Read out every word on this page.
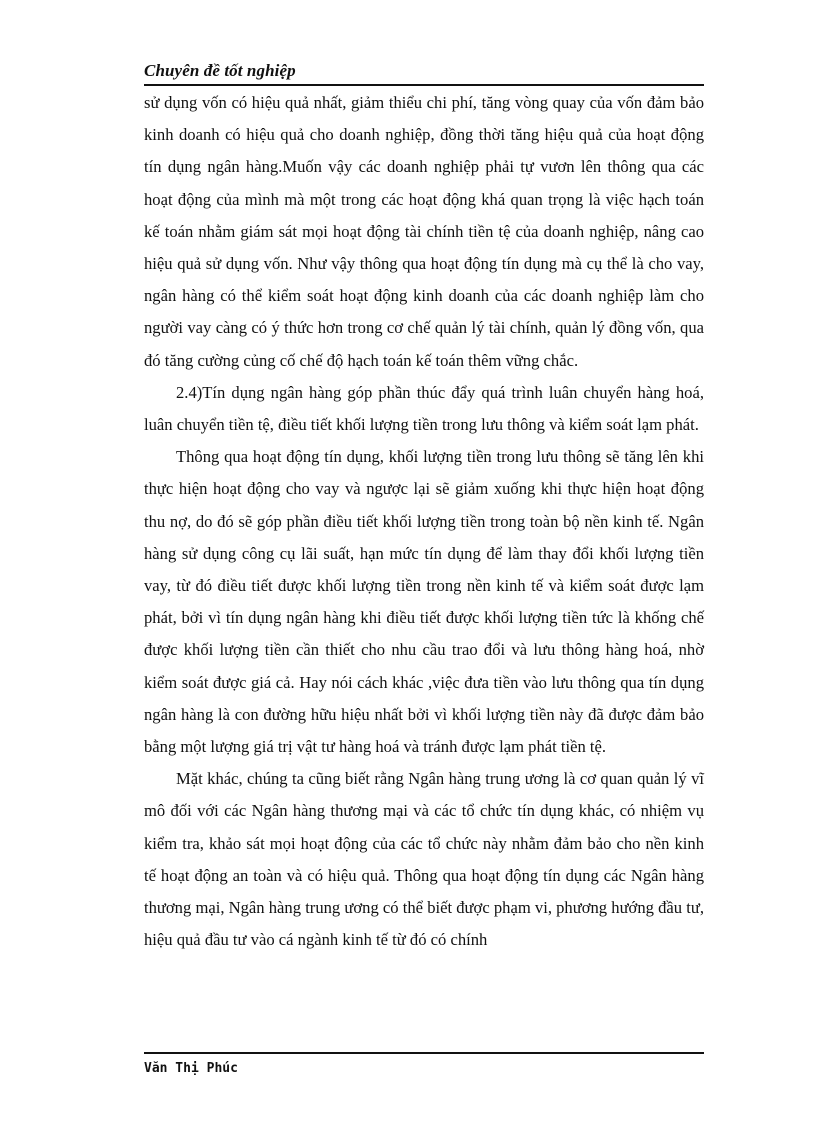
Chuyên đề tốt nghiệp

sử dụng vốn có hiệu quả nhất, giảm thiểu chi phí, tăng vòng quay của vốn đảm bảo kinh doanh có hiệu quả cho doanh nghiệp, đồng thời tăng hiệu quả của hoạt động tín dụng ngân hàng.Muốn vậy các doanh nghiệp phải tự vươn lên thông qua các hoạt động của mình mà một trong các hoạt động khá quan trọng là việc hạch toán kế toán nhằm giám sát mọi hoạt động tài chính tiền tệ của doanh nghiệp, nâng cao hiệu quả sử dụng vốn. Như vậy thông qua hoạt động tín dụng mà cụ thể là cho vay, ngân hàng có thể kiểm soát hoạt động kinh doanh của các doanh nghiệp làm cho người vay càng có ý thức hơn trong cơ chế quản lý tài chính, quản lý đồng vốn, qua đó tăng cường củng cố chế độ hạch toán kế toán thêm vững chắc.

2.4)Tín dụng ngân hàng góp phần thúc đẩy quá trình luân chuyển hàng hoá, luân chuyển tiền tệ, điều tiết khối lượng tiền trong lưu thông và kiểm soát lạm phát.

Thông qua hoạt động tín dụng, khối lượng tiền trong lưu thông sẽ tăng lên khi thực hiện hoạt động cho vay và ngược lại sẽ giảm xuống khi thực hiện hoạt động thu nợ, do đó sẽ góp phần điều tiết khối lượng tiền trong toàn bộ nền kinh tế. Ngân hàng sử dụng công cụ lãi suất, hạn mức tín dụng để làm thay đổi khối lượng tiền vay, từ đó điều tiết được khối lượng tiền trong nền kinh tế và kiểm soát được lạm phát, bởi vì tín dụng ngân hàng khi điều tiết được khối lượng tiền tức là khống chế được khối lượng tiền cần thiết cho nhu cầu trao đổi và lưu thông hàng hoá, nhờ kiểm soát được giá cả. Hay nói cách khác ,việc đưa tiền vào lưu thông qua tín dụng ngân hàng là con đường hữu hiệu nhất bởi vì khối lượng tiền này đã được đảm bảo bằng một lượng giá trị vật tư hàng hoá và tránh được lạm phát tiền tệ.

Mặt khác, chúng ta cũng biết rằng Ngân hàng trung ương là cơ quan quản lý vĩ mô đối với các Ngân hàng thương mại và các tổ chức tín dụng khác, có nhiệm vụ kiểm tra, khảo sát mọi hoạt động của các tổ chức này nhằm đảm bảo cho nền kinh tế hoạt động an toàn và có hiệu quả. Thông qua hoạt động tín dụng các Ngân hàng thương mại, Ngân hàng trung ương có thể biết được phạm vi, phương hướng đầu tư, hiệu quả đầu tư vào cá ngành kinh tế từ đó có chính

Văn Thị Phúc
